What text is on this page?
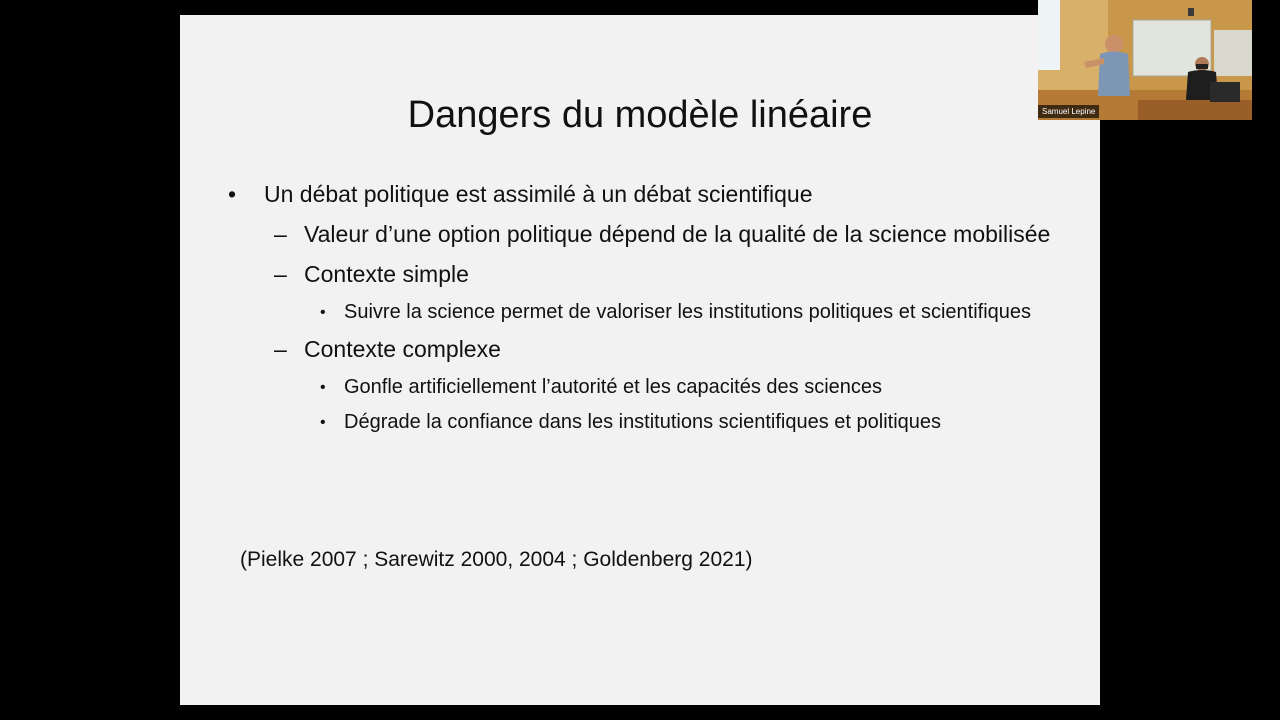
Dangers du modèle linéaire
• Un débat politique est assimilé à un débat scientifique
– Valeur d’une option politique dépend de la qualité de la science mobilisée
– Contexte simple
• Suivre la science permet de valoriser les institutions politiques et scientifiques
– Contexte complexe
• Gonfle artificiellement l’autorité et les capacités des sciences
• Dégrade la confiance dans les institutions scientifiques et politiques
(Pielke 2007 ; Sarewitz 2000, 2004 ; Goldenberg 2021)
Samuel Lepine
